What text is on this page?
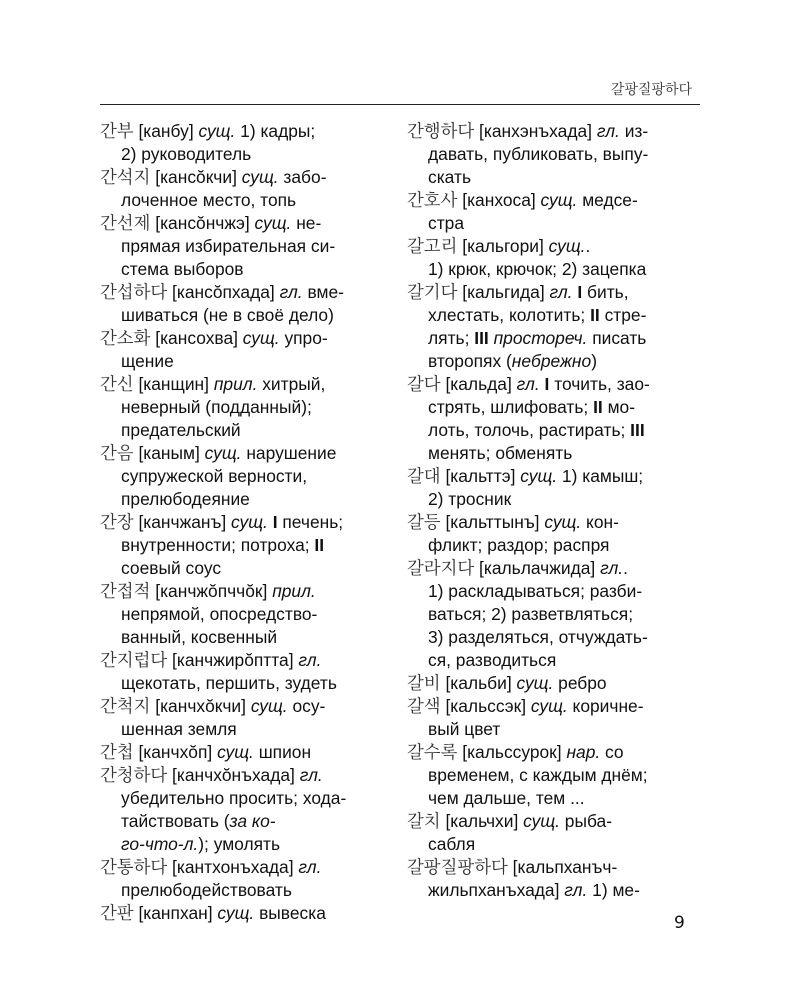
갈팡질팡하다
간부 [канбу] сущ. 1) кадры;
2) руководитель
간석지 [кансŏкчи] сущ. забо-
лоченное место, топь
간선제 [кансŏнчжэ] сущ. не-
прямая избирательная си-
стема выборов
간섭하다 [кансŏпхада] гл. вме-
шиваться (не в своё дело)
간소화 [кансохва] сущ. упро-
щение
간신 [канщин] прил. хитрый,
неверный (подданный);
предательский
간음 [каным] сущ. нарушение
супружеской верности,
прелюбодеяние
간장 [канчжанъ] сущ. I печень;
внутренности; потроха; II
соевый соус
간접적 [канчжŏпччŏк] прил.
непрямой, опосредство-
ванный, косвенный
간지럽다 [канчжирŏптта] гл.
щекотать, першить, зудеть
간척지 [канчхŏкчи] сущ. осу-
шенная земля
간첩 [канчхŏп] сущ. шпион
간청하다 [канчхŏнъхада] гл.
убедительно просить; хода-
тайствовать (за ко-
го-что-л.); умолять
간통하다 [кантхонъхада] гл.
прелюбодействовать
간판 [канпхан] сущ. вывеска
간행하다 [канхэнъхада] гл. из-
давать, публиковать, выпу-
скать
간호사 [канхоса] сущ. медсе-
стра
갈고리 [кальгори] сущ..
1) крюк, крючок; 2) зацепка
갈기다 [кальгида] гл. I бить,
хлестать, колотить; II стре-
лять; III простореч. писать
второпях (небрежно)
갈다 [кальда] гл. I точить, зао-
стрять, шлифовать; II мо-
лоть, толочь, растирать; III
менять; обменять
갈대 [кальттэ] сущ. 1) камыш;
2) тросник
갈등 [кальттынъ] сущ. кон-
фликт; раздор; распря
갈라지다 [кальлачжида] гл..
1) раскладываться; разби-
ваться; 2) разветвляться;
3) разделяться, отчуждать-
ся, разводиться
갈비 [кальби] сущ. ребро
갈색 [кальссэк] сущ. коричне-
вый цвет
갈수록 [кальссурок] нар. со
временем, с каждым днём;
чем дальше, тем ...
갈치 [кальчхи] сущ. рыба-
сабля
갈팡질팡하다 [кальпханъч-
жильпханъхада] гл. 1) ме-
9
